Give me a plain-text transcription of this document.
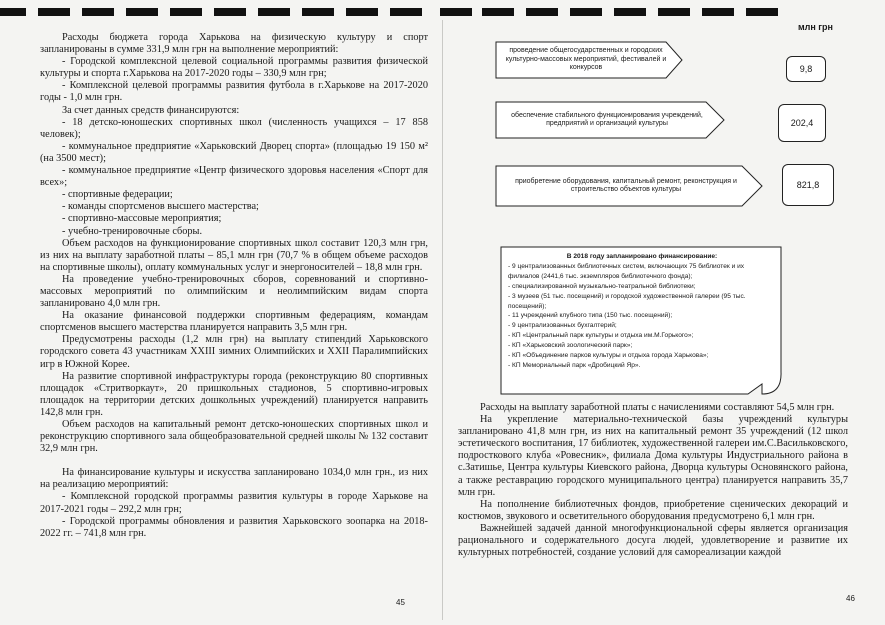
млн грн

Расходы бюджета города Харькова на физическую культуру и спорт запланированы в сумме 331,9 млн грн на выполнение мероприятий:

- Городской комплексной целевой социальной программы развития физической культуры и спорта г.Харькова на 2017-2020 годы – 330,9 млн грн;

- Комплексной целевой программы развития футбола в г.Харькове на 2017-2020 годы - 1,0 млн грн.

За счет данных средств финансируются:

- 18 детско-юношеских спортивных школ (численность учащихся – 17 858 человек);

- коммунальное предприятие «Харьковский Дворец спорта» (площадью 19 150 м² (на 3500 мест);

- коммунальное предприятие «Центр физического здоровья населения «Спорт для всех»;

- спортивные федерации;

- команды спортсменов высшего мастерства;

- спортивно-массовые мероприятия;

- учебно-тренировочные сборы.

Объем расходов на функционирование спортивных школ составит 120,3 млн грн, из них на выплату заработной платы – 85,1 млн грн (70,7 % в общем объеме расходов на спортивные школы), оплату коммунальных услуг и энергоносителей – 18,8 млн грн.

На проведение учебно-тренировочных сборов, соревнований и спортивно-массовых мероприятий по олимпийским и неолимпийским видам спорта запланировано 4,0 млн грн.

На оказание финансовой поддержки спортивным федерациям, командам спортсменов высшего мастерства планируется направить 3,5 млн грн.

Предусмотрены расходы (1,2 млн грн) на выплату стипендий Харьковского городского совета 43 участникам XXIII зимних Олимпийских и XXII Паралимпийских игр в Южной Корее.

На развитие спортивной инфраструктуры города (реконструкцию 80 спортивных площадок «Стритворкаут», 20 пришкольных стадионов, 5 спортивно-игровых площадок на территории детских дошкольных учреждений) планируется направить 142,8 млн грн.

Объем расходов на капитальный ремонт детско-юношеских спортивных школ и реконструкцию спортивного зала общеобразовательной средней школы № 132 составит 32,9 млн грн.

На финансирование культуры и искусства запланировано 1034,0 млн грн., из них на реализацию мероприятий:

- Комплексной городской программы развития культуры в городе Харькове на 2017-2021 годы – 292,2 млн грн;

- Городской программы обновления и развития Харьковского зоопарка на 2018-2022 гг. – 741,8 млн грн.

45
проведение общегосударственных и городских культурно-массовых мероприятий, фестивалей и конкурсов	9,8
обеспечение стабильного функционирования учреждений, предприятий и организаций культуры	202,4
приобретение оборудования, капитальный ремонт, реконструкция и строительство объектов культуры	821,8
В 2018 году запланировано финансирование:
- 9 централизованных библиотечных систем, включающих 75 библиотек и их филиалов (2441,6 тыс. экземпляров библиотечного фонда);
- специализированной музыкально-театральной библиотеки;
- 3 музеев (51 тыс. посещений) и городской художественной галереи (95 тыс. посещений);
- 11 учреждений клубного типа (150 тыс. посещений);
- 9 централизованных бухгалтерий;
- КП «Центральный парк культуры и отдыха им.М.Горького»;
- КП «Харьковский зоологический парк»;
- КП «Объединение парков культуры и отдыха города Харькова»;
- КП Мемориальный парк «Дробицкий Яр».

Расходы на выплату заработной платы с начислениями составляют 54,5 млн грн.

На укрепление материально-технической базы учреждений культуры запланировано 41,8 млн грн, из них на капитальный ремонт 35 учреждений (12 школ эстетического воспитания, 17 библиотек, художественной галереи им.С.Васильковского, подросткового клуба «Ровесник», филиала Дома культуры Индустриального района в с.Затишье, Центра культуры Киевского района, Дворца культуры Основянского района, а также реставрацию городского муниципального центра) планируется направить 35,7 млн грн.

На пополнение библиотечных фондов, приобретение сценических декораций и костюмов, звукового и осветительного оборудования предусмотрено 6,1 млн грн.

Важнейшей задачей данной многофункциональной сферы является организация рационального и содержательного досуга людей, удовлетворение и развитие их культурных потребностей, создание условий для самореализации каждой

46
